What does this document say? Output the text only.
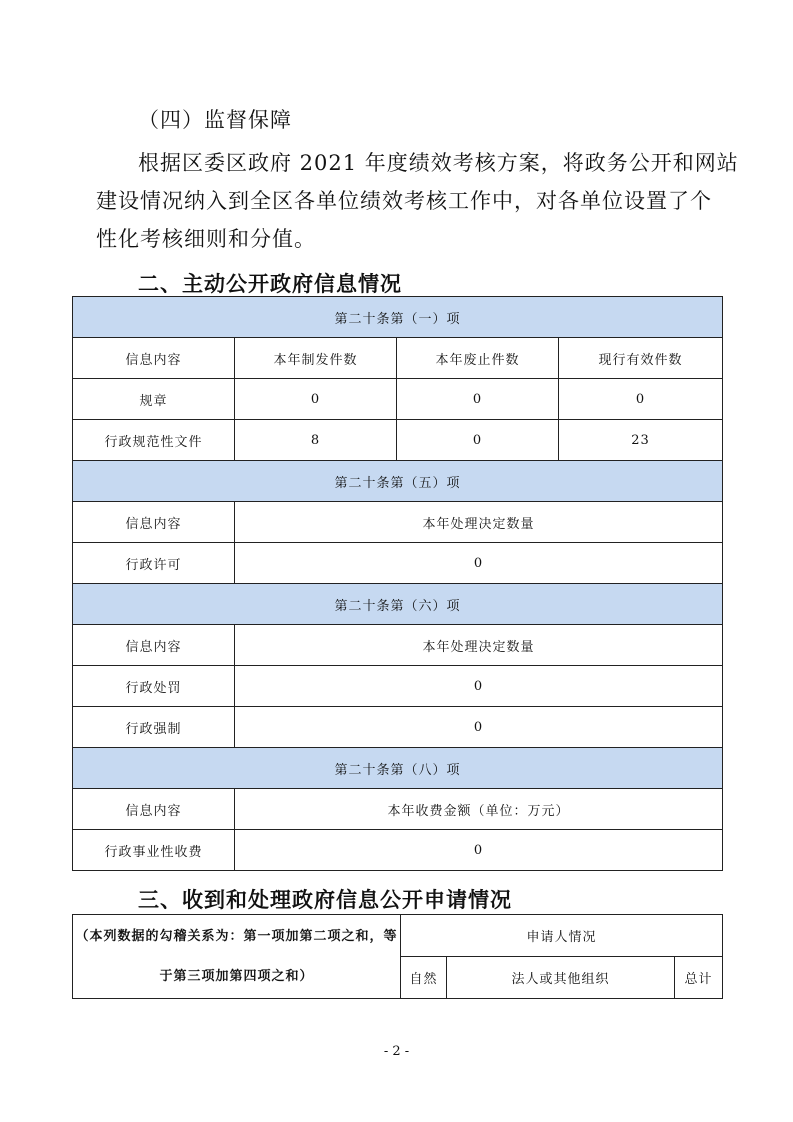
（四）监督保障
根据区委区政府 2021 年度绩效考核方案，将政务公开和网站
建设情况纳入到全区各单位绩效考核工作中，对各单位设置了个
性化考核细则和分值。
二、主动公开政府信息情况
第二十条第（一）项			
信息内容	本年制发件数	本年废止件数	现行有效件数
规章	0	0	0
行政规范性文件	8	0	23
第二十条第（五）项			
信息内容	本年处理决定数量		
行政许可	0		
第二十条第（六）项			
信息内容	本年处理决定数量		
行政处罚	0		
行政强制	0		
第二十条第（八）项			
信息内容	本年收费金额（单位：万元）		
行政事业性收费	0		
三、收到和处理政府信息公开申请情况
（本列数据的勾稽关系为：第一项加第二项之和，等
于第三项加第四项之和）	申请人情况		
	自然	法人或其他组织	总计
- 2 -
